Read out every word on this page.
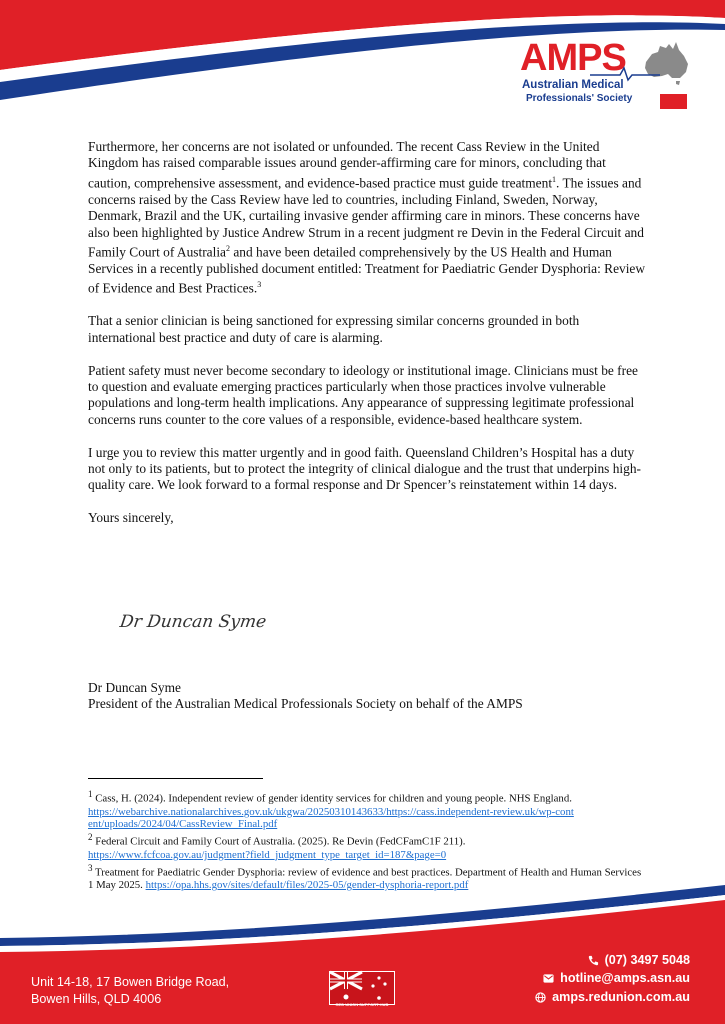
AMPS
Australian Medical
Professionals' Society

Furthermore, her concerns are not isolated or unfounded. The recent Cass Review in the United Kingdom has raised comparable issues around gender-affirming care for minors, concluding that caution, comprehensive assessment, and evidence-based practice must guide treatment$^1$. The issues and concerns raised by the Cass Review have led to countries, including Finland, Sweden, Norway, Denmark, Brazil and the UK, curtailing invasive gender affirming care in minors. These concerns have also been highlighted by Justice Andrew Strum in a recent judgment re Devin in the Federal Circuit and Family Court of Australia$^2$ and have been detailed comprehensively by the US Health and Human Services in a recently published document entitled: Treatment for Paediatric Gender Dysphoria: Review of Evidence and Best Practices.$^3$

That a senior clinician is being sanctioned for expressing similar concerns grounded in both international best practice and duty of care is alarming.

Patient safety must never become secondary to ideology or institutional image. Clinicians must be free to question and evaluate emerging practices particularly when those practices involve vulnerable populations and long-term health implications. Any appearance of suppressing legitimate professional concerns runs counter to the core values of a responsible, evidence-based healthcare system.

I urge you to review this matter urgently and in good faith. Queensland Children’s Hospital has a duty not only to its patients, but to protect the integrity of clinical dialogue and the trust that underpins high-quality care. We look forward to a formal response and Dr Spencer’s reinstatement within 14 days.

Yours sincerely,

Dr Duncan Syme
Dr Duncan Syme
President of the Australian Medical Professionals Society on behalf of the AMPS
$^1$ Cass, H. (2024). Independent review of gender identity services for children and young people. NHS England.
https://webarchive.nationalarchives.gov.uk/ukgwa/20250310143633/https://cass.independent-review.uk/wp-cont
ent/uploads/2024/04/CassReview_Final.pdf
$^2$ Federal Circuit and Family Court of Australia. (2025). Re Devin (FedCFamC1F 211).
https://www.fcfcoa.gov.au/judgment?field_judgment_type_target_id=187&page=0
$^3$ Treatment for Paediatric Gender Dysphoria: review of evidence and best practices. Department of Health and Human Services 1 May 2025. https://opa.hhs.gov/sites/default/files/2025-05/gender-dysphoria-report.pdf
Unit 14-18, 17 Bowen Bridge Road,
Bowen Hills, QLD 4006	RED UNION SUPPORT HUB
(07) 3497 5048
hotline@amps.asn.au
amps.redunion.com.au
